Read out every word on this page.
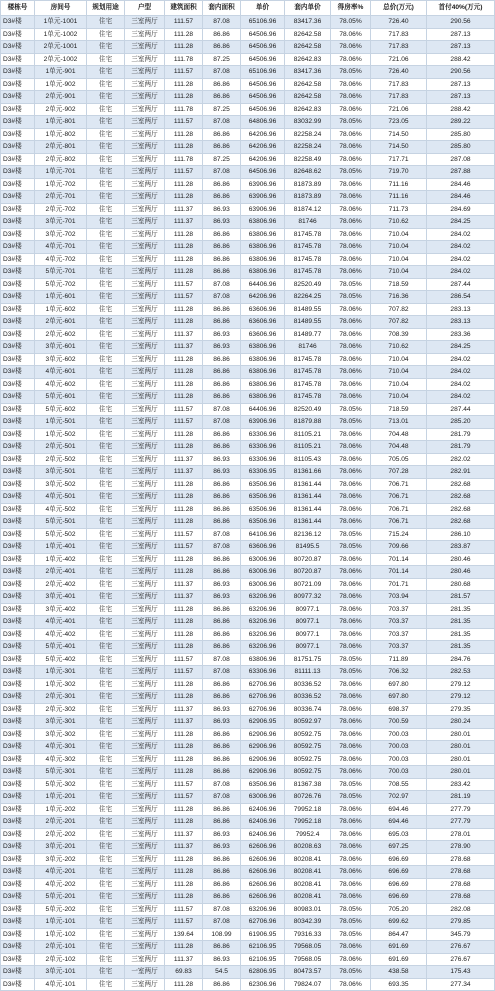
楼栋号	房间号	规划用途	户型	建筑面积	套内面积	单价	套内单价	得房率%	总价(万元)	首付40%(万元)
D3#楼	1单元-1001	住宅	三室两厅	111.57	87.08	65106.96	83417.36	78.05%	726.40	290.56
D3#楼	1单元-1002	住宅	三室两厅	111.28	86.86	64506.96	82642.58	78.06%	717.83	287.13
D3#楼	2单元-1001	住宅	三室两厅	111.28	86.86	64506.96	82642.58	78.06%	717.83	287.13
D3#楼	2单元-1002	住宅	三室两厅	111.78	87.25	64506.96	82642.83	78.06%	721.06	288.42
D3#楼	1单元-901	住宅	三室两厅	111.57	87.08	65106.96	83417.36	78.05%	726.40	290.56
D3#楼	1单元-902	住宅	三室两厅	111.28	86.86	64506.96	82642.58	78.06%	717.83	287.13
D3#楼	2单元-901	住宅	三室两厅	111.28	86.86	64506.96	82642.58	78.06%	717.83	287.13
D3#楼	2单元-902	住宅	三室两厅	111.78	87.25	64506.96	82642.83	78.06%	721.06	288.42
D3#楼	1单元-801	住宅	三室两厅	111.57	87.08	64806.96	83032.99	78.05%	723.05	289.22
D3#楼	1单元-802	住宅	三室两厅	111.28	86.86	64206.96	82258.24	78.06%	714.50	285.80
D3#楼	2单元-801	住宅	三室两厅	111.28	86.86	64206.96	82258.24	78.06%	714.50	285.80
D3#楼	2单元-802	住宅	三室两厅	111.78	87.25	64206.96	82258.49	78.06%	717.71	287.08
D3#楼	1单元-701	住宅	三室两厅	111.57	87.08	64506.96	82648.62	78.05%	719.70	287.88
D3#楼	1单元-702	住宅	三室两厅	111.28	86.86	63906.96	81873.89	78.06%	711.16	284.46
D3#楼	2单元-701	住宅	三室两厅	111.28	86.86	63906.96	81873.89	78.06%	711.16	284.46
D3#楼	2单元-702	住宅	三室两厅	111.37	86.93	63906.96	81874.12	78.06%	711.73	284.69
D3#楼	3单元-701	住宅	三室两厅	111.37	86.93	63806.96	81746	78.06%	710.62	284.25
D3#楼	3单元-702	住宅	三室两厅	111.28	86.86	63806.96	81745.78	78.06%	710.04	284.02
D3#楼	4单元-701	住宅	三室两厅	111.28	86.86	63806.96	81745.78	78.06%	710.04	284.02
D3#楼	4单元-702	住宅	三室两厅	111.28	86.86	63806.96	81745.78	78.06%	710.04	284.02
D3#楼	5单元-701	住宅	三室两厅	111.28	86.86	63806.96	81745.78	78.06%	710.04	284.02
D3#楼	5单元-702	住宅	三室两厅	111.57	87.08	64406.96	82520.49	78.05%	718.59	287.44
D3#楼	1单元-601	住宅	三室两厅	111.57	87.08	64206.96	82264.25	78.05%	716.36	286.54
D3#楼	1单元-602	住宅	三室两厅	111.28	86.86	63606.96	81489.55	78.06%	707.82	283.13
D3#楼	2单元-601	住宅	三室两厅	111.28	86.86	63606.96	81489.55	78.06%	707.82	283.13
D3#楼	2单元-602	住宅	三室两厅	111.37	86.93	63606.96	81489.77	78.06%	708.39	283.36
D3#楼	3单元-601	住宅	三室两厅	111.37	86.93	63806.96	81746	78.06%	710.62	284.25
D3#楼	3单元-602	住宅	三室两厅	111.28	86.86	63806.96	81745.78	78.06%	710.04	284.02
D3#楼	4单元-601	住宅	三室两厅	111.28	86.86	63806.96	81745.78	78.06%	710.04	284.02
D3#楼	4单元-602	住宅	三室两厅	111.28	86.86	63806.96	81745.78	78.06%	710.04	284.02
D3#楼	5单元-601	住宅	三室两厅	111.28	86.86	63806.96	81745.78	78.06%	710.04	284.02
D3#楼	5单元-602	住宅	三室两厅	111.57	87.08	64406.96	82520.49	78.05%	718.59	287.44
D3#楼	1单元-501	住宅	三室两厅	111.57	87.08	63906.96	81879.88	78.05%	713.01	285.20
D3#楼	1单元-502	住宅	三室两厅	111.28	86.86	63306.96	81105.21	78.06%	704.48	281.79
D3#楼	2单元-501	住宅	三室两厅	111.28	86.86	63306.96	81105.21	78.06%	704.48	281.79
D3#楼	2单元-502	住宅	三室两厅	111.37	86.93	63306.96	81105.43	78.06%	705.05	282.02
D3#楼	3单元-501	住宅	三室两厅	111.37	86.93	63306.95	81361.66	78.06%	707.28	282.91
D3#楼	3单元-502	住宅	三室两厅	111.28	86.86	63506.96	81361.44	78.06%	706.71	282.68
D3#楼	4单元-501	住宅	三室两厅	111.28	86.86	63506.96	81361.44	78.06%	706.71	282.68
D3#楼	4单元-502	住宅	三室两厅	111.28	86.86	63506.96	81361.44	78.06%	706.71	282.68
D3#楼	5单元-501	住宅	三室两厅	111.28	86.86	63506.96	81361.44	78.06%	706.71	282.68
D3#楼	5单元-502	住宅	三室两厅	111.57	87.08	64106.96	82136.12	78.05%	715.24	286.10
D3#楼	1单元-401	住宅	三室两厅	111.57	87.08	63606.96	81495.5	78.05%	709.66	283.87
D3#楼	1单元-402	住宅	三室两厅	111.28	86.86	63006.96	80720.87	78.06%	701.14	280.46
D3#楼	2单元-401	住宅	三室两厅	111.28	86.86	63006.96	80720.87	78.06%	701.14	280.46
D3#楼	2单元-402	住宅	三室两厅	111.37	86.93	63006.96	80721.09	78.06%	701.71	280.68
D3#楼	3单元-401	住宅	三室两厅	111.37	86.93	63206.96	80977.32	78.06%	703.94	281.57
D3#楼	3单元-402	住宅	三室两厅	111.28	86.86	63206.96	80977.1	78.06%	703.37	281.35
D3#楼	4单元-401	住宅	三室两厅	111.28	86.86	63206.96	80977.1	78.06%	703.37	281.35
D3#楼	4单元-402	住宅	三室两厅	111.28	86.86	63206.96	80977.1	78.06%	703.37	281.35
D3#楼	5单元-401	住宅	三室两厅	111.28	86.86	63206.96	80977.1	78.06%	703.37	281.35
D3#楼	5单元-402	住宅	三室两厅	111.57	87.08	63806.96	81751.75	78.05%	711.89	284.76
D3#楼	1单元-301	住宅	三室两厅	111.57	87.08	63306.96	81111.13	78.05%	706.32	282.53
D3#楼	1单元-302	住宅	三室两厅	111.28	86.86	62706.96	80336.52	78.06%	697.80	279.12
D3#楼	2单元-301	住宅	三室两厅	111.28	86.86	62706.96	80336.52	78.06%	697.80	279.12
D3#楼	2单元-302	住宅	三室两厅	111.37	86.93	62706.96	80336.74	78.06%	698.37	279.35
D3#楼	3单元-301	住宅	三室两厅	111.37	86.93	62906.95	80592.97	78.06%	700.59	280.24
D3#楼	3单元-302	住宅	三室两厅	111.28	86.86	62906.96	80592.75	78.06%	700.03	280.01
D3#楼	4单元-301	住宅	三室两厅	111.28	86.86	62906.96	80592.75	78.06%	700.03	280.01
D3#楼	4单元-302	住宅	三室两厅	111.28	86.86	62906.96	80592.75	78.06%	700.03	280.01
D3#楼	5单元-301	住宅	三室两厅	111.28	86.86	62906.96	80592.75	78.06%	700.03	280.01
D3#楼	5单元-302	住宅	三室两厅	111.57	87.08	63506.96	81367.38	78.05%	708.55	283.42
D3#楼	1单元-201	住宅	三室两厅	111.57	87.08	63006.96	80726.76	78.05%	702.97	281.19
D3#楼	1单元-202	住宅	三室两厅	111.28	86.86	62406.96	79952.18	78.06%	694.46	277.79
D3#楼	2单元-201	住宅	三室两厅	111.28	86.86	62406.96	79952.18	78.06%	694.46	277.79
D3#楼	2单元-202	住宅	三室两厅	111.37	86.93	62406.96	79952.4	78.06%	695.03	278.01
D3#楼	3单元-201	住宅	三室两厅	111.37	86.93	62606.96	80208.63	78.06%	697.25	278.90
D3#楼	3单元-202	住宅	三室两厅	111.28	86.86	62606.96	80208.41	78.06%	696.69	278.68
D3#楼	4单元-201	住宅	三室两厅	111.28	86.86	62606.96	80208.41	78.06%	696.69	278.68
D3#楼	4单元-202	住宅	三室两厅	111.28	86.86	62606.96	80208.41	78.06%	696.69	278.68
D3#楼	5单元-201	住宅	三室两厅	111.28	86.86	62606.96	80208.41	78.06%	696.69	278.68
D3#楼	5单元-202	住宅	三室两厅	111.57	87.08	63206.96	80983.01	78.05%	705.20	282.08
D3#楼	1单元-101	住宅	三室两厅	111.57	87.08	62706.96	80342.39	78.05%	699.62	279.85
D3#楼	1单元-102	住宅	三室两厅	139.64	108.99	61906.95	79316.33	78.05%	864.47	345.79
D3#楼	2单元-101	住宅	三室两厅	111.28	86.86	62106.95	79568.05	78.06%	691.69	276.67
D3#楼	2单元-102	住宅	三室两厅	111.37	86.93	62106.95	79568.05	78.06%	691.69	276.67
D3#楼	3单元-101	住宅	一室两厅	69.83	54.5	62806.95	80473.57	78.05%	438.58	175.43
D3#楼	4单元-101	住宅	三室两厅	111.28	86.86	62306.96	79824.07	78.06%	693.35	277.34
